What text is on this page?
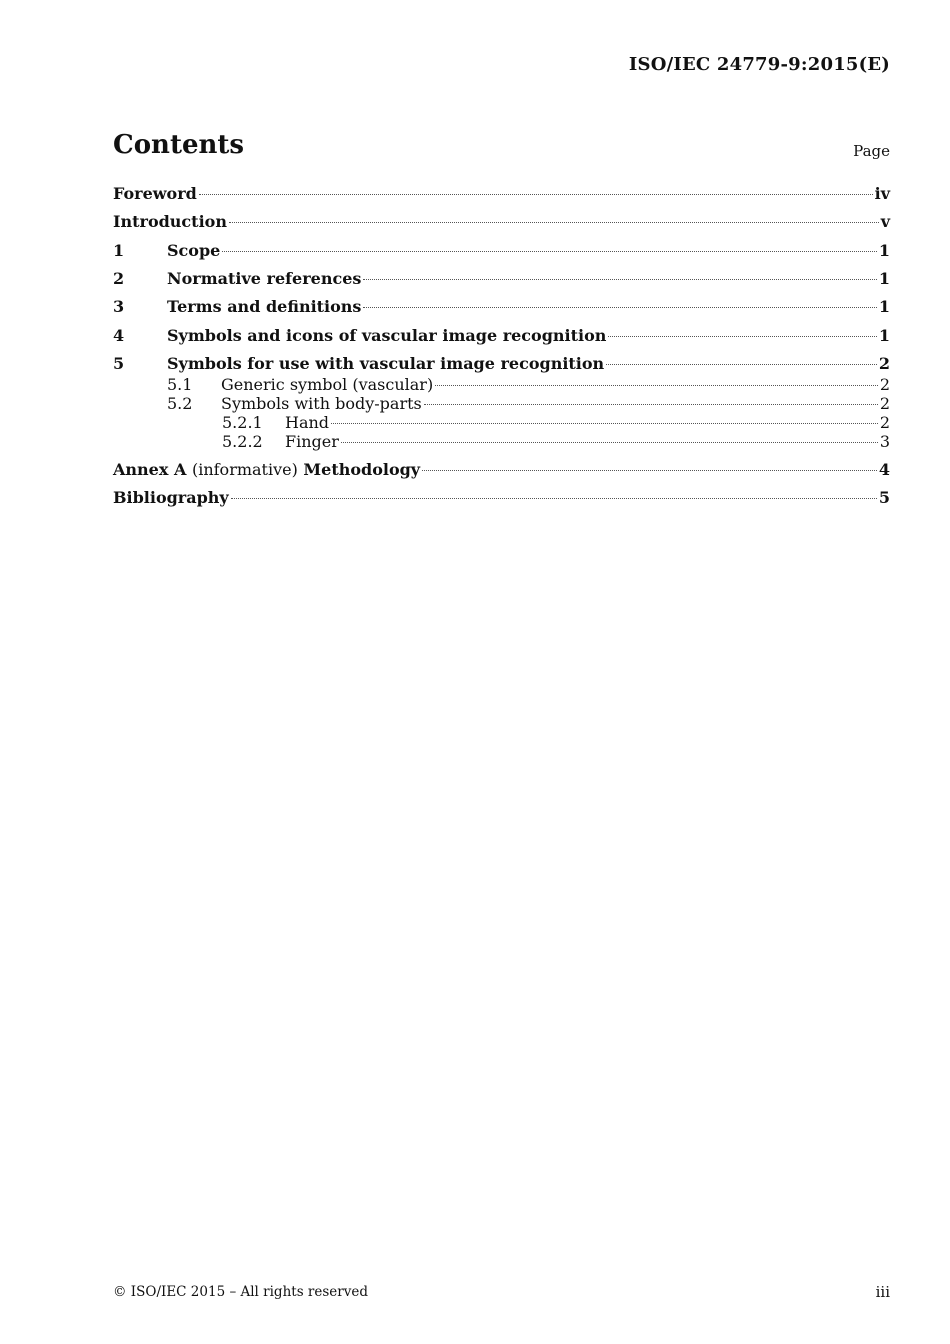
ISO/IEC 24779-9:2015(E)
Contents	Page
Foreword	iv
Introduction	v
1	Scope	1
2	Normative references	1
3	Terms and definitions	1
4	Symbols and icons of vascular image recognition	1
5	Symbols for use with vascular image recognition	2
5.1	Generic symbol (vascular)	2
5.2	Symbols with body-parts	2
5.2.1	Hand	2
5.2.2	Finger	3
Annex A (informative) Methodology	4
Bibliography	5
© ISO/IEC 2015 – All rights reserved	iii
